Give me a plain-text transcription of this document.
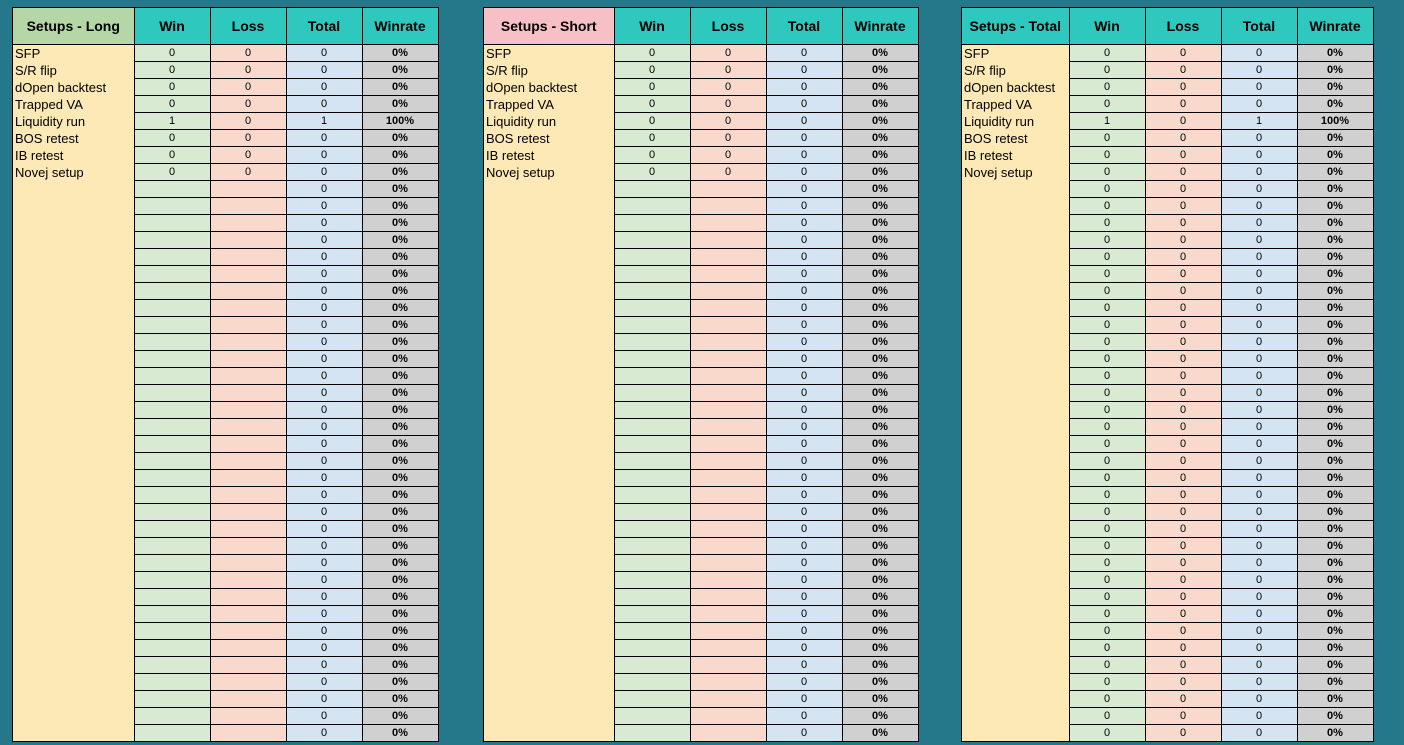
Setups - Long	Win	Loss	Total	Winrate
SFP	0	0	0	0%
S/R flip	0	0	0	0%
dOpen backtest	0	0	0	0%
Trapped VA	0	0	0	0%
Liquidity run	1	0	1	100%
BOS retest	0	0	0	0%
IB retest	0	0	0	0%
Novej setup	0	0	0	0%
			0	0%
			0	0%
			0	0%
			0	0%
			0	0%
			0	0%
			0	0%
			0	0%
			0	0%
			0	0%
			0	0%
			0	0%
			0	0%
			0	0%
			0	0%
			0	0%
			0	0%
			0	0%
			0	0%
			0	0%
			0	0%
			0	0%
			0	0%
			0	0%
			0	0%
			0	0%
			0	0%
			0	0%
			0	0%
			0	0%
			0	0%
			0	0%
			0	0%
Setups - Short	Win	Loss	Total	Winrate
SFP	0	0	0	0%
S/R flip	0	0	0	0%
dOpen backtest	0	0	0	0%
Trapped VA	0	0	0	0%
Liquidity run	0	0	0	0%
BOS retest	0	0	0	0%
IB retest	0	0	0	0%
Novej setup	0	0	0	0%
			0	0%
			0	0%
			0	0%
			0	0%
			0	0%
			0	0%
			0	0%
			0	0%
			0	0%
			0	0%
			0	0%
			0	0%
			0	0%
			0	0%
			0	0%
			0	0%
			0	0%
			0	0%
			0	0%
			0	0%
			0	0%
			0	0%
			0	0%
			0	0%
			0	0%
			0	0%
			0	0%
			0	0%
			0	0%
			0	0%
			0	0%
			0	0%
			0	0%
Setups - Total	Win	Loss	Total	Winrate
SFP	0	0	0	0%
S/R flip	0	0	0	0%
dOpen backtest	0	0	0	0%
Trapped VA	0	0	0	0%
Liquidity run	1	0	1	100%
BOS retest	0	0	0	0%
IB retest	0	0	0	0%
Novej setup	0	0	0	0%
	0	0	0	0%
	0	0	0	0%
	0	0	0	0%
	0	0	0	0%
	0	0	0	0%
	0	0	0	0%
	0	0	0	0%
	0	0	0	0%
	0	0	0	0%
	0	0	0	0%
	0	0	0	0%
	0	0	0	0%
	0	0	0	0%
	0	0	0	0%
	0	0	0	0%
	0	0	0	0%
	0	0	0	0%
	0	0	0	0%
	0	0	0	0%
	0	0	0	0%
	0	0	0	0%
	0	0	0	0%
	0	0	0	0%
	0	0	0	0%
	0	0	0	0%
	0	0	0	0%
	0	0	0	0%
	0	0	0	0%
	0	0	0	0%
	0	0	0	0%
	0	0	0	0%
	0	0	0	0%
	0	0	0	0%
